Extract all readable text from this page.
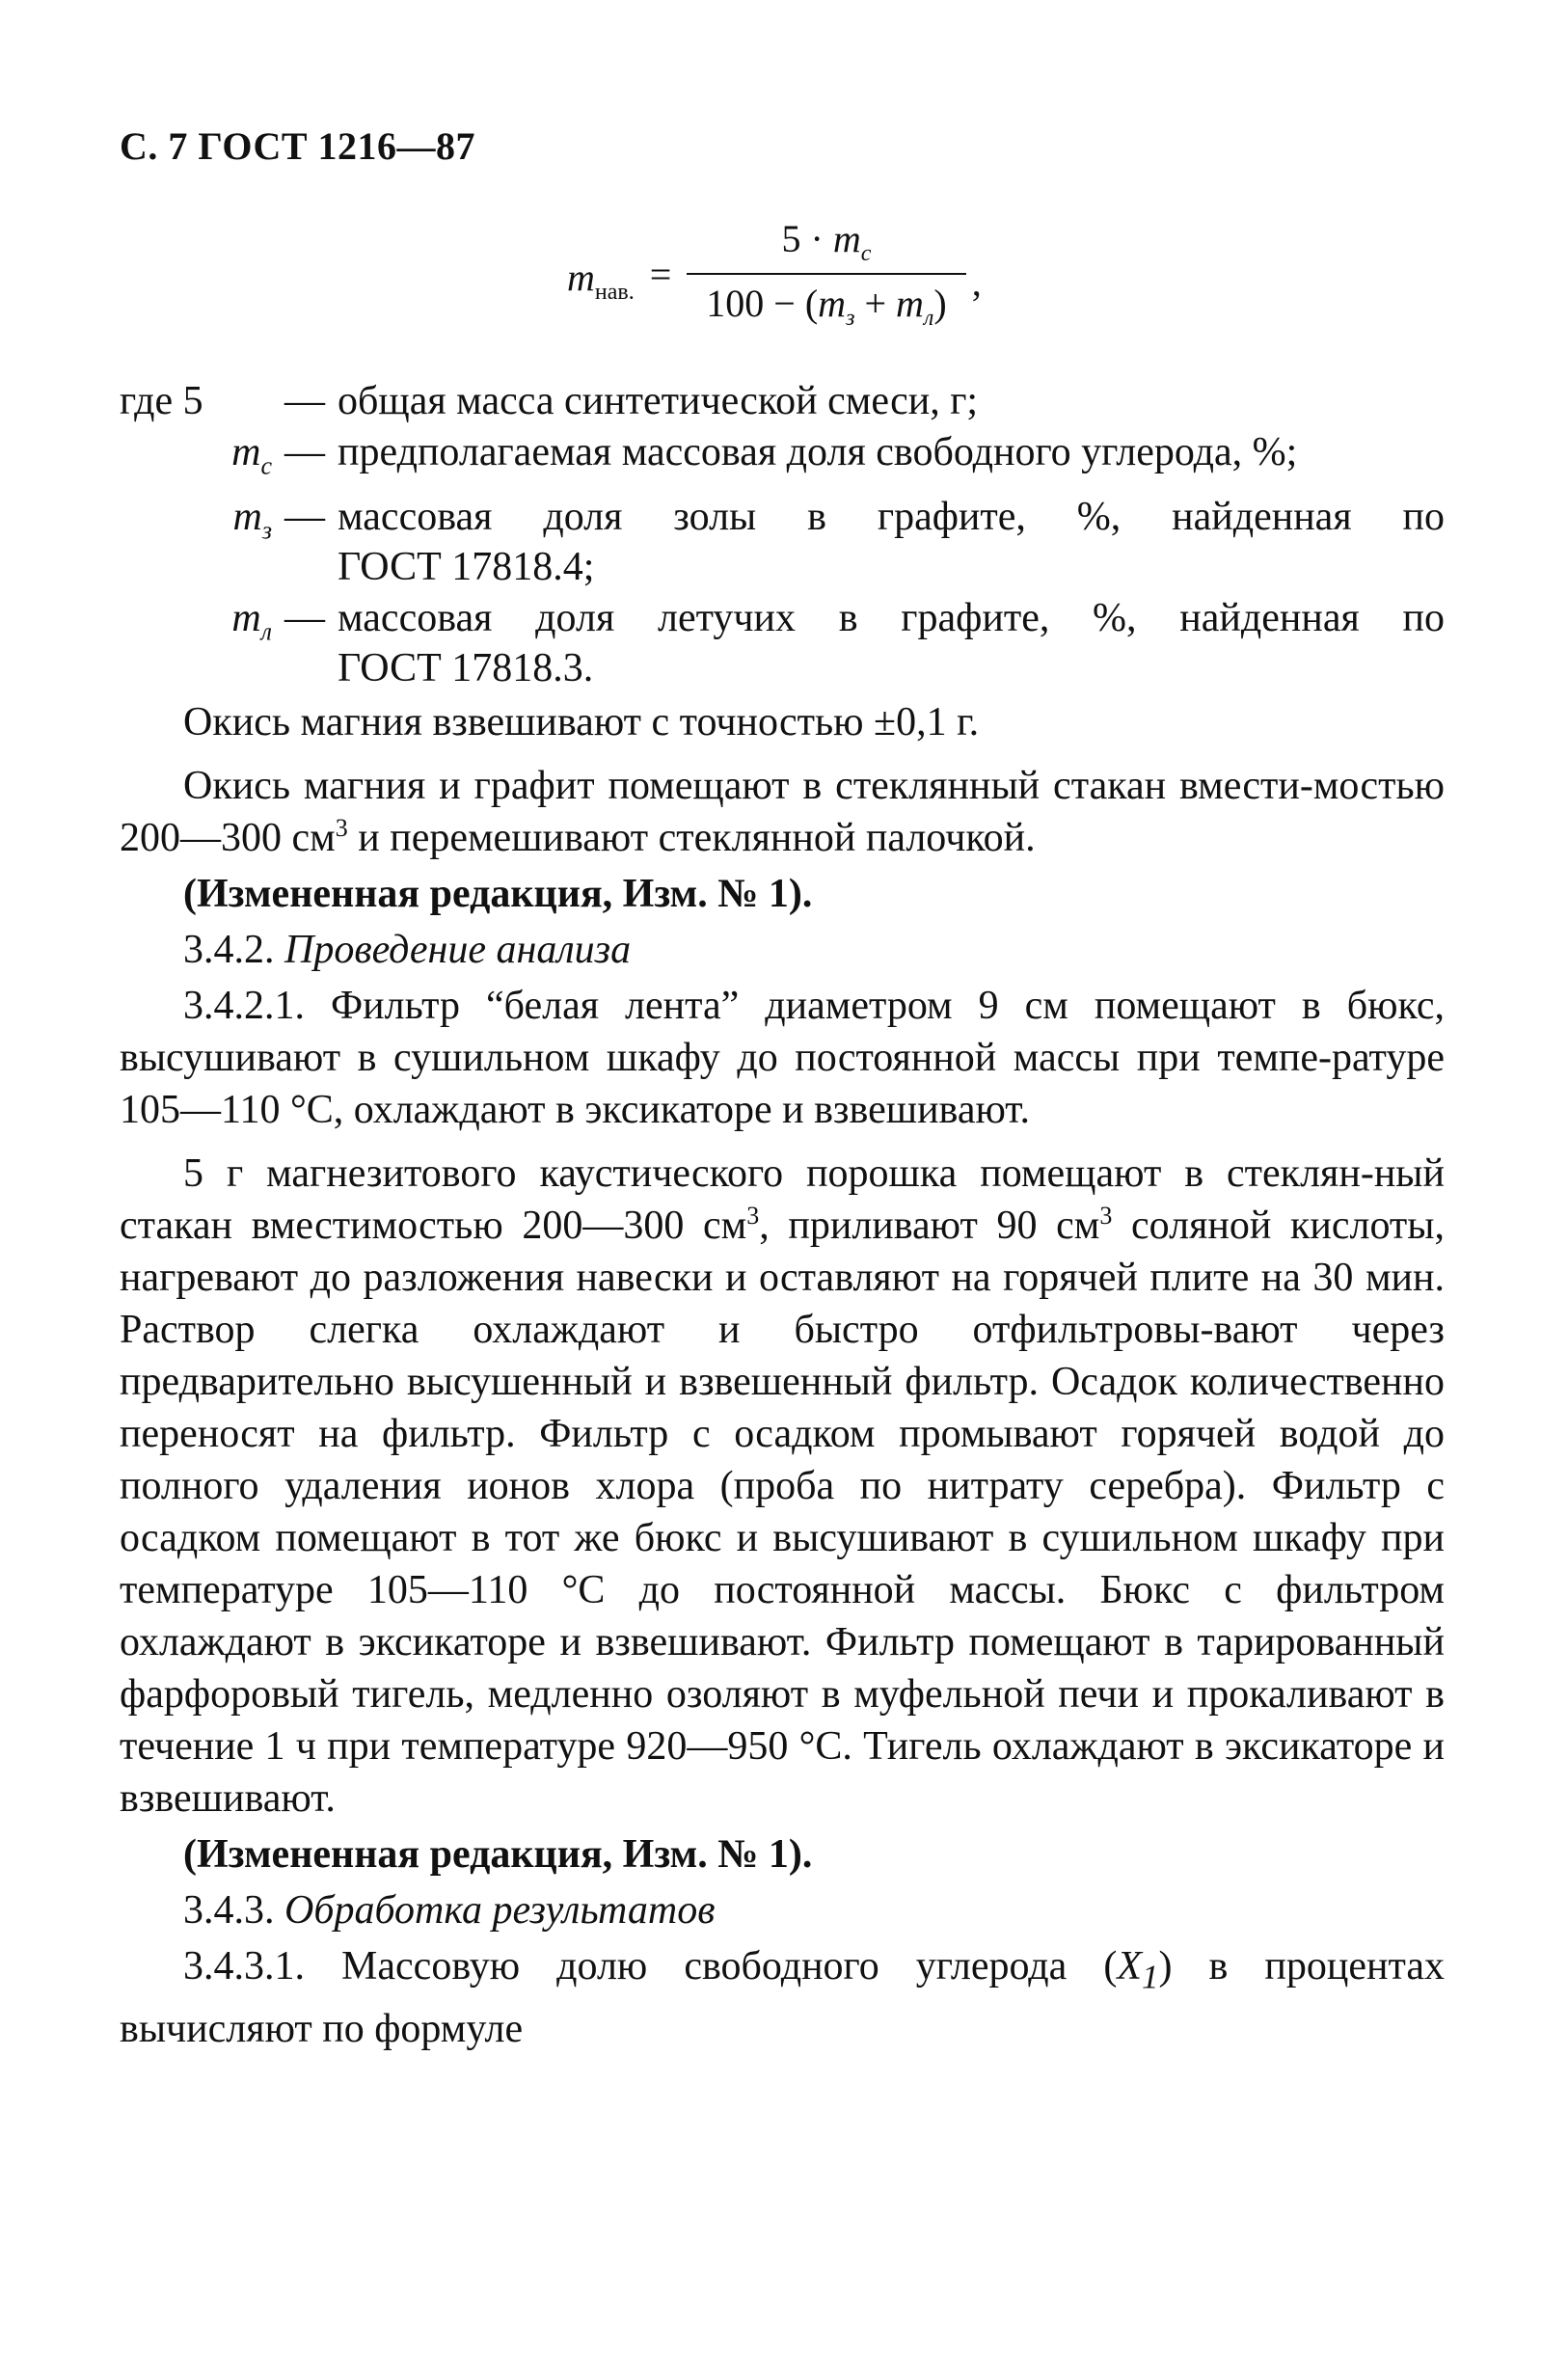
С. 7 ГОСТ 1216—87
$m_{нав.} = \frac{5 \cdot m_с}{100 - (m_з + m_л)}$ ,
где 5	— общая масса синтетической смеси, г;
$m_с$ — предполагаемая массовая доля свободного углерода, %;
$m_з$ — массовая доля золы в графите, %, найденная по
ГОСТ 17818.4;
$m_л$ — массовая доля летучих в графите, %, найденная по
ГОСТ 17818.3.

Окись магния взвешивают с точностью ±0,1 г.

Окись магния и графит помещают в стеклянный стакан вмести-мостью 200—300 $см^3$ и перемешивают стеклянной палочкой.

(Измененная редакция, Изм. № 1).

3.4.2. Проведение анализа

3.4.2.1. Фильтр “белая лента” диаметром 9 см помещают в бюкс, высушивают в сушильном шкафу до постоянной массы при темпе-ратуре 105—110 °С, охлаждают в эксикаторе и взвешивают.

5 г магнезитового каустического порошка помещают в стеклян-ный стакан вместимостью 200—300 $см^3$, приливают 90 $см^3$ соляной кислоты, нагревают до разложения навески и оставляют на горячей плите на 30 мин. Раствор слегка охлаждают и быстро отфильтровы-вают через предварительно высушенный и взвешенный фильтр. Осадок количественно переносят на фильтр. Фильтр с осадком промывают горячей водой до полного удаления ионов хлора (проба по нитрату серебра). Фильтр с осадком помещают в тот же бюкс и высушивают в сушильном шкафу при температуре 105—110 °С до постоянной массы. Бюкс с фильтром охлаждают в эксикаторе и взвешивают. Фильтр помещают в тарированный фарфоровый тигель, медленно озоляют в муфельной печи и прокаливают в течение 1 ч при температуре 920—950 °С. Тигель охлаждают в эксикаторе и взвешивают.

(Измененная редакция, Изм. № 1).

3.4.3. Обработка результатов

3.4.3.1. Массовую долю свободного углерода $(X_1)$ в процентах вычисляют по формуле
